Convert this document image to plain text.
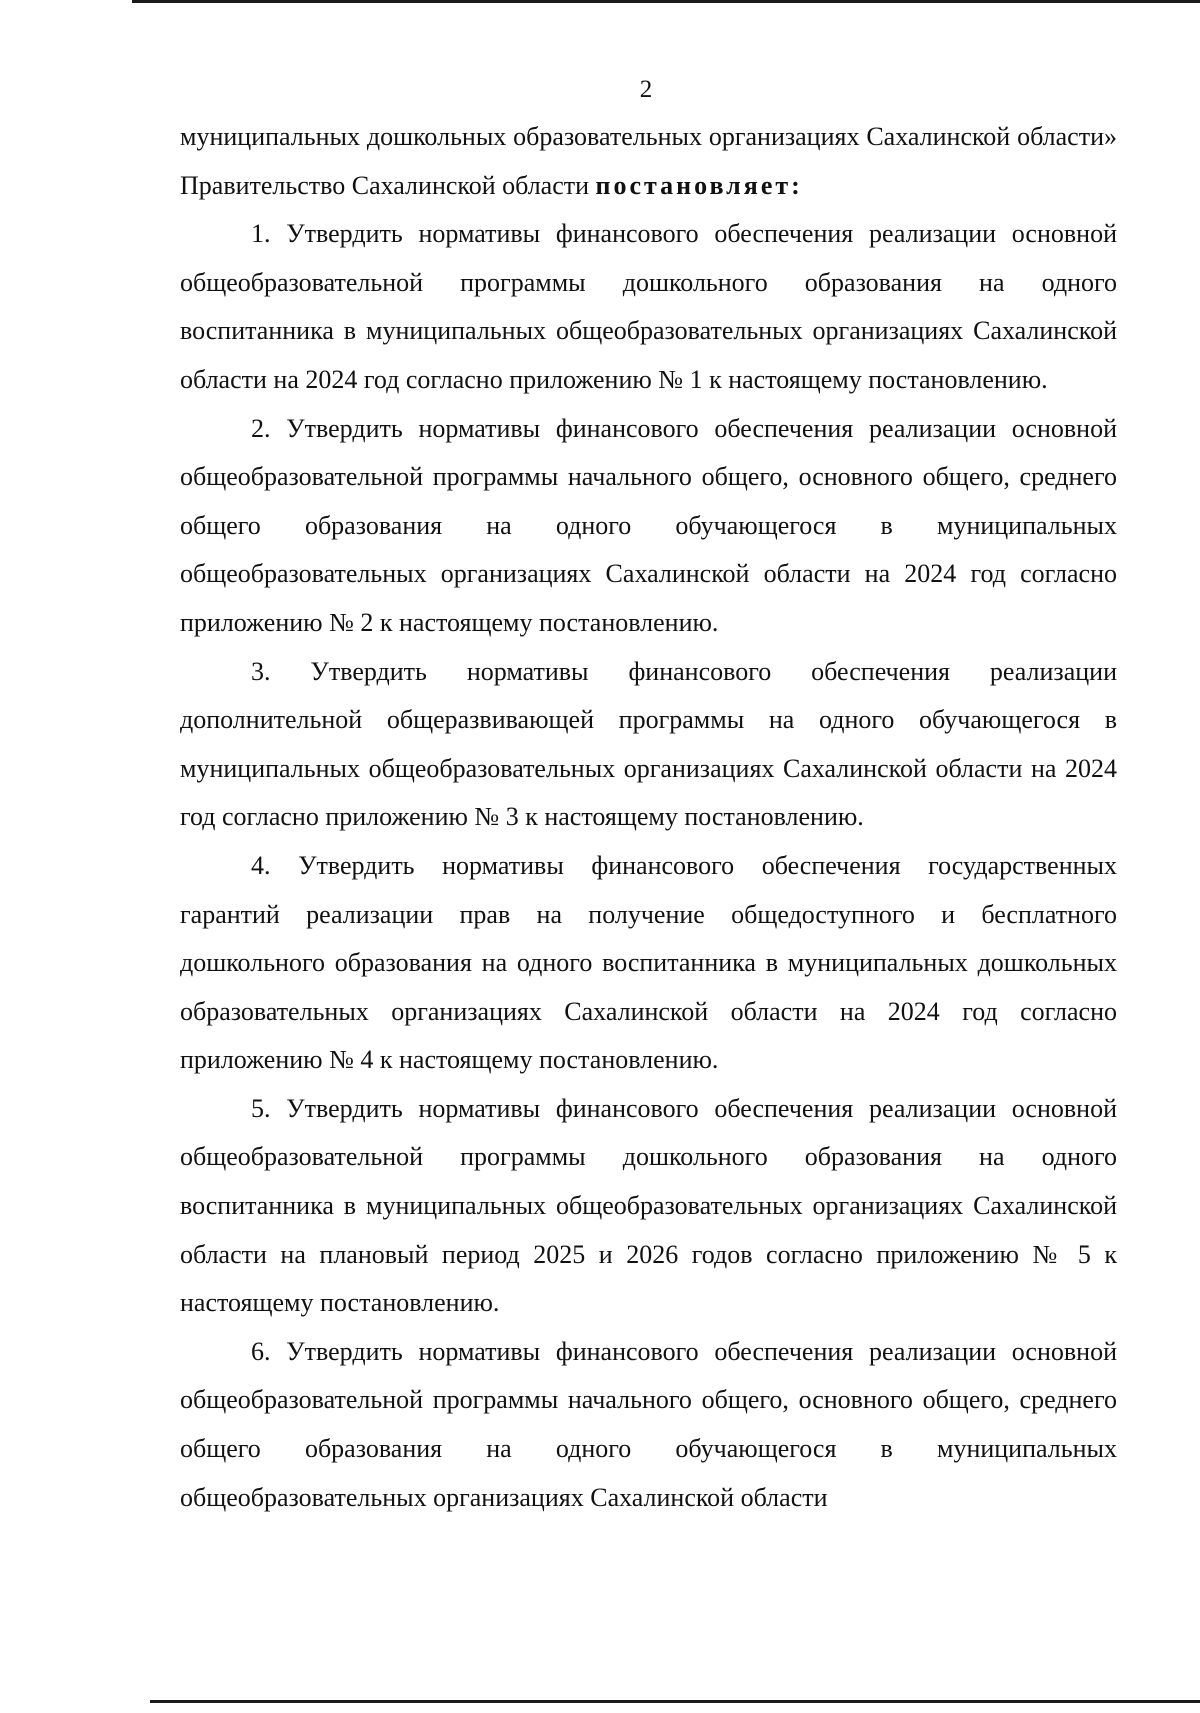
2

муниципальных дошкольных образовательных организациях Сахалинской области» Правительство Сахалинской области постановляет:

1. Утвердить нормативы финансового обеспечения реализации основной общеобразовательной программы дошкольного образования на одного воспитанника в муниципальных общеобразовательных организациях Сахалинской области на 2024 год согласно приложению № 1 к настоящему постановлению.

2. Утвердить нормативы финансового обеспечения реализации основной общеобразовательной программы начального общего, основного общего, среднего общего образования на одного обучающегося в муниципальных общеобразовательных организациях Сахалинской области на 2024 год согласно приложению № 2 к настоящему постановлению.

3. Утвердить нормативы финансового обеспечения реализации дополнительной общеразвивающей программы на одного обучающегося в муниципальных общеобразовательных организациях Сахалинской области на 2024 год согласно приложению № 3 к настоящему постановлению.

4. Утвердить нормативы финансового обеспечения государственных гарантий реализации прав на получение общедоступного и бесплатного дошкольного образования на одного воспитанника в муниципальных дошкольных образовательных организациях Сахалинской области на 2024 год согласно приложению № 4 к настоящему постановлению.

5. Утвердить нормативы финансового обеспечения реализации основной общеобразовательной программы дошкольного образования на одного воспитанника в муниципальных общеобразовательных организациях Сахалинской области на плановый период 2025 и 2026 годов согласно приложению № 5 к настоящему постановлению.

6. Утвердить нормативы финансового обеспечения реализации основной общеобразовательной программы начального общего, основного общего, среднего общего образования на одного обучающегося в муниципальных общеобразовательных организациях Сахалинской области
